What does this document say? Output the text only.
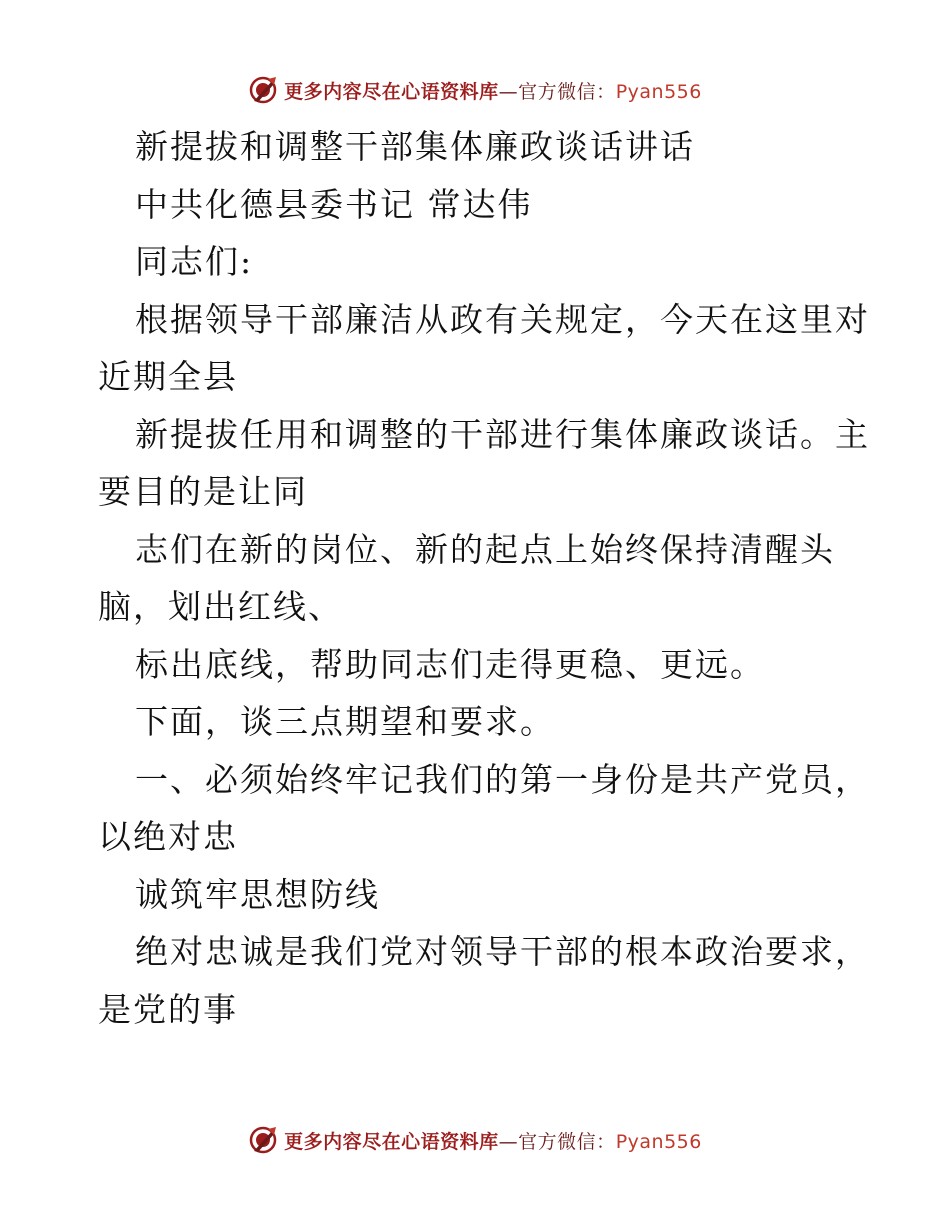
更多内容尽在心语资料库—官方微信：Pyan556

新提拔和调整干部集体廉政谈话讲话

中共化德县委书记 常达伟

同志们:

根据领导干部廉洁从政有关规定，今天在这里对

近期全县

新提拔任用和调整的干部进行集体廉政谈话。主

要目的是让同

志们在新的岗位、新的起点上始终保持清醒头

脑，划出红线、

标出底线，帮助同志们走得更稳、更远。

下面，谈三点期望和要求。

一、必须始终牢记我们的第一身份是共产党员，

以绝对忠

诚筑牢思想防线

绝对忠诚是我们党对领导干部的根本政治要求，

是党的事

更多内容尽在心语资料库—官方微信：Pyan556
